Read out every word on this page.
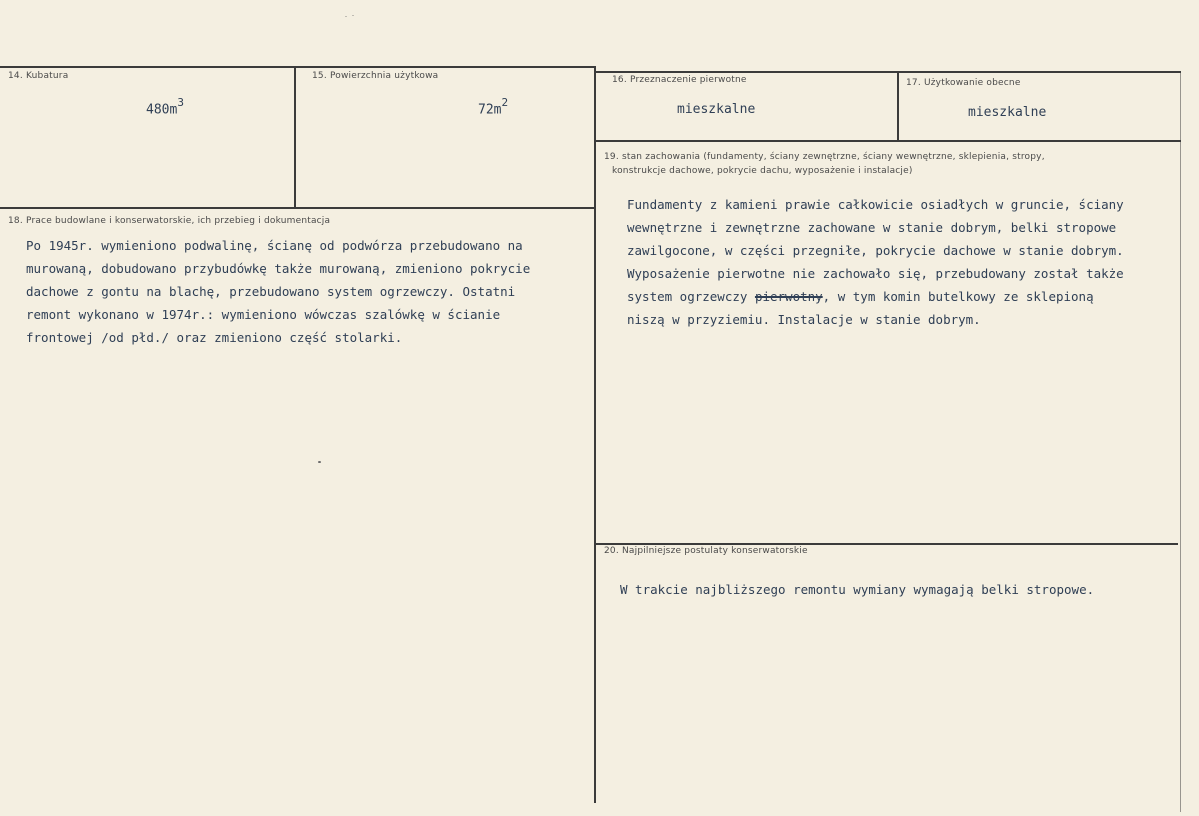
14. Kubatura
$480m^3$
15. Powierzchnia użytkowa
$72m^2$
16. Przeznaczenie pierwotne
mieszkalne
17. Użytkowanie obecne
mieszkalne
18. Prace budowlane i konserwatorskie, ich przebieg i dokumentacja
Po 1945r. wymieniono podwalinę, ścianę od podwórza przebudowano na
murowaną, dobudowano przybudówkę także murowaną, zmieniono pokrycie
dachowe z gontu na blachę, przebudowano system ogrzewczy. Ostatni
remont wykonano w 1974r.: wymieniono wówczas szalówkę w ścianie
frontowej /od płd./ oraz zmieniono część stolarki.
19. stan zachowania (fundamenty, ściany zewnętrzne, ściany wewnętrzne, sklepienia, stropy,
konstrukcje dachowe, pokrycie dachu, wyposażenie i instalacje)
Fundamenty z kamieni prawie całkowicie osiadłych w gruncie, ściany
wewnętrzne i zewnętrzne zachowane w stanie dobrym, belki stropowe
zawilgocone, w części przegniłe, pokrycie dachowe w stanie dobrym.
Wyposażenie pierwotne nie zachowało się, przebudowany został także
system ogrzewczy pierwotny, w tym komin butelkowy ze sklepioną
niszą w przyziemiu. Instalacje w stanie dobrym.
20. Najpilniejsze postulaty konserwatorskie
W trakcie najbliższego remontu wymiany wymagają belki stropowe.
